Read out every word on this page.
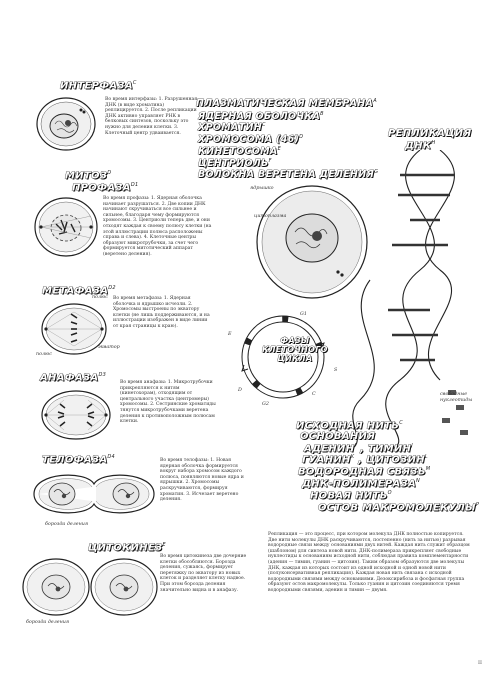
$ИНТЕРФАЗА^C$
Во время интерфазы: 1. Разрушенная ДНК (в виде хроматина) реплицируется. 2. После репликации ДНК активно управляет РНК в белковых синтезов, поскольку это нужно для деления клетки. 3. Клеточный центр удваивается.
$МИТОЗ^D$
$ПРОФАЗА^{D1}$
Во время профазы: 1. Ядерная оболочка начинает разрушаться. 2. Две копии ДНК начинают скручиваться все сильнее и сильнее, благодаря чему формируются хромосомы. 3. Центриоли теперь две, и они отходят каждая к своему полюсу клетки (на этой иллюстрации полюса расположены справа и слева). 4. Клеточные центры образуют микротрубочки, за счет чего формируется митотический аппарат (веретено деления).
$МЕТАФАЗА^{D2}$
полюс
полюс
экватор
Во время метафазы: 1. Ядерная оболочка и ядрышко исчезли. 2. Хромосомы выстроены по экватору клетки (не лишь поддерживаются, и на иллюстрации изображен в виде линии от края страницы к краю).
$АНАФАЗА^{D3}$
Во время анафазы: 1. Микротрубочки прикрепляются к нитям (кинетохорам), отходящим от центрального участка (центромеры) хромосомы. 2. Сестринские хроматиды тянутся микротрубочками веретена деления к противоположным полюсам клетки.
$ТЕЛОФАЗА^{D4}$
борозда деления
Во время телофазы: 1. Новая ядерная оболочка формируется вокруг набора хромосом каждого полюса, появляются новые ядра и ядрышки. 2. Хромосомы раскручиваются, формируя хроматин. 3. Исчезает веретено деления.
$ЦИТОКИНЕЗ^E$
борозда деления
Во время цитокинеза две дочерние клетки обособляются. Борозда деления, сужаясь, формирует перетяжку по экватору из новых клеток и разделяет клетку надвое. При этом борозда деления значительно видна и в анафазу.
ПЛАЗМАТИЧЕСКАЯ $МЕМБРАНА^A$
ЯДЕРНАЯ $ОБОЛОЧКА^B$
$ХРОМАТИН^C$
ХРОМОСОМА $(46)^D$
$КИНЕТОСОМА^E$
$ЦЕНТРИОЛЬ^F$
ВОЛОКНА ВЕРЕТЕНА $ДЕЛЕНИЯ^G$
РЕПЛИКАЦИЯ
$ДНК^H$
ядрышко
цитоплазма
ФАЗЫ
КЛЕТОЧНОГО
ЦИКЛА
E
G1
S
G2
C
D
свободные нуклеотиды
ИСХОДНАЯ $НИТЬ^C$
ОСНОВАНИЯ
$АДЕНИН^I$ , $ТИМИН^J$
$ГУАНИН^K$ , $ЦИТОЗИН^L$
ВОДОРОДНАЯ $СВЯЗЬ^M$
ДНК-$ПОЛИМЕРАЗА^N$
НОВАЯ $НИТЬ^O$
ОСТОВ $МАКРОМОЛЕКУЛЫ^P$
Репликация — это процесс, при котором молекула ДНК полностью копируется. Две нити молекулы ДНК раскручиваются, постепенно (нить за нитью) разрывая водородные связи между основаниями двух нитей. Каждая нить служит образцом (шаблоном) для синтеза новой нити. ДНК-полимераза прикрепляет свободные нуклеотиды к основаниям исходной нити, соблюдая правила комплементарности (аденин — тимин, гуанин — цитозин). Таким образом образуются две молекулы ДНК, каждая из которых состоит из одной исходной и одной новой нити (полуконсервативная репликация). Каждая новая нить связана с исходной водородными связями между основаниями. Дезоксирибоза и фосфатная группа образуют остов макромолекулы. Только гуанин и цитозин соединяются тремя водородными связями, аденин и тимин — двумя.
II
